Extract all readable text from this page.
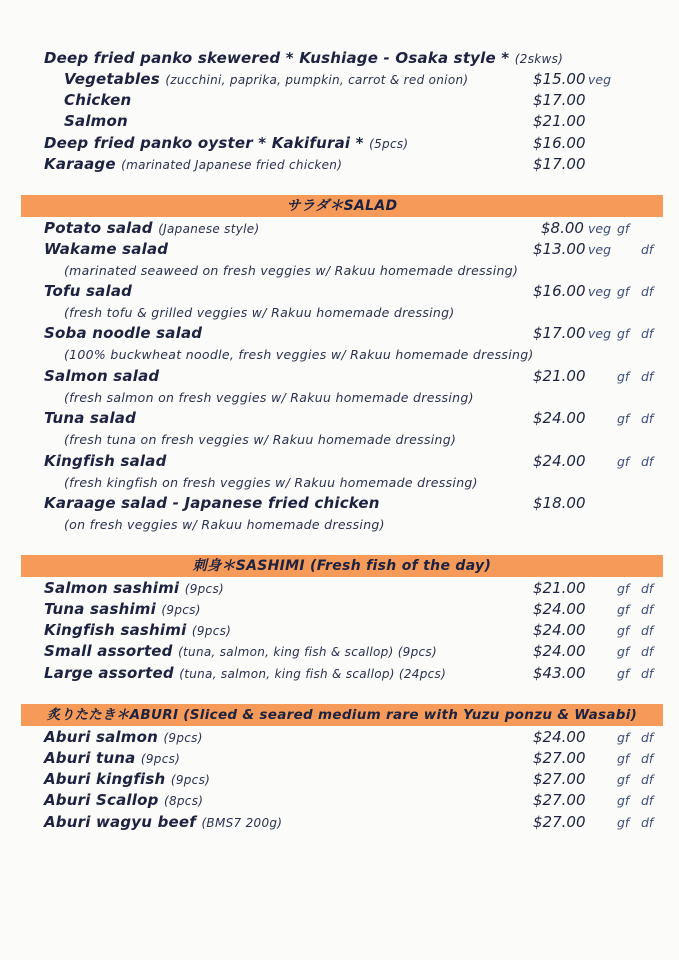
Deep fried panko skewered * Kushiage - Osaka style * (2skws)
Vegetables (zucchini, paprika, pumpkin, carrot & red onion)	$15.00 veg
Chicken	$17.00
Salmon	$21.00
Deep fried panko oyster * Kakifurai * (5pcs)	$16.00
Karaage (marinated Japanese fried chicken)	$17.00
サラダ＊SALAD
Potato salad (Japanese style)	$8.00 veg gf
Wakame salad	$13.00 veg df
(marinated seaweed on fresh veggies w/ Rakuu homemade dressing)
Tofu salad	$16.00 veg gf df
(fresh tofu & grilled veggies w/ Rakuu homemade dressing)
Soba noodle salad	$17.00 veg gf df
(100% buckwheat noodle, fresh veggies w/ Rakuu homemade dressing)
Salmon salad	$21.00	gf df
(fresh salmon on fresh veggies w/ Rakuu homemade dressing)
Tuna salad	$24.00	gf df
(fresh tuna on fresh veggies w/ Rakuu homemade dressing)
Kingfish salad	$24.00	gf df
(fresh kingfish on fresh veggies w/ Rakuu homemade dressing)
Karaage salad - Japanese fried chicken	$18.00
(on fresh veggies w/ Rakuu homemade dressing)
刺身＊SASHIMI (Fresh fish of the day)
Salmon sashimi (9pcs)	$21.00	gf df
Tuna sashimi (9pcs)	$24.00	gf df
Kingfish sashimi (9pcs)	$24.00	gf df
Small assorted (tuna, salmon, king fish & scallop) (9pcs)	$24.00	gf df
Large assorted (tuna, salmon, king fish & scallop) (24pcs)	$43.00	gf df
炙りたたき＊ABURI (Sliced & seared medium rare with Yuzu ponzu & Wasabi)
Aburi salmon (9pcs)	$24.00	gf df
Aburi tuna (9pcs)	$27.00	gf df
Aburi kingfish (9pcs)	$27.00	gf df
Aburi Scallop (8pcs)	$27.00	gf df
Aburi wagyu beef (BMS7 200g)	$27.00	gf df
